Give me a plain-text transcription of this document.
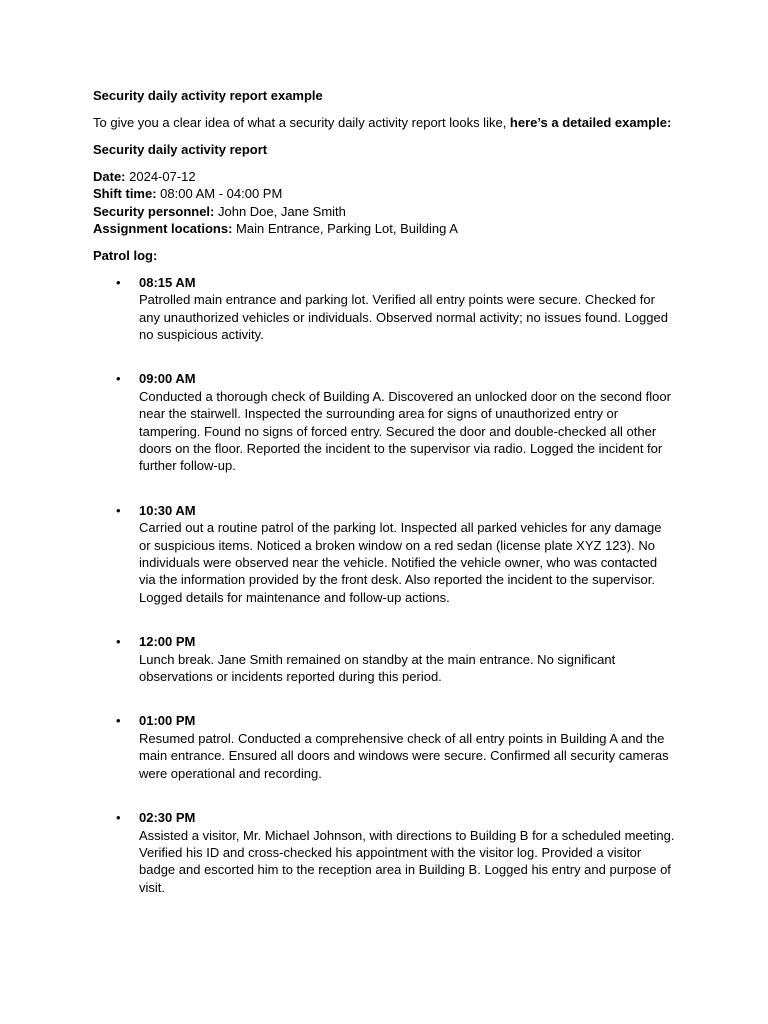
Security daily activity report example

To give you a clear idea of what a security daily activity report looks like, here’s a detailed example:

Security daily activity report

Date: 2024-07-12

Shift time: 08:00 AM - 04:00 PM

Security personnel: John Doe, Jane Smith

Assignment locations: Main Entrance, Parking Lot, Building A

Patrol log:

• 08:15 AM
Patrolled main entrance and parking lot. Verified all entry points were secure. Checked for
any unauthorized vehicles or individuals. Observed normal activity; no issues found. Logged
no suspicious activity.
• 09:00 AM
Conducted a thorough check of Building A. Discovered an unlocked door on the second floor
near the stairwell. Inspected the surrounding area for signs of unauthorized entry or
tampering. Found no signs of forced entry. Secured the door and double-checked all other
doors on the floor. Reported the incident to the supervisor via radio. Logged the incident for
further follow-up.
• 10:30 AM
Carried out a routine patrol of the parking lot. Inspected all parked vehicles for any damage
or suspicious items. Noticed a broken window on a red sedan (license plate XYZ 123). No
individuals were observed near the vehicle. Notified the vehicle owner, who was contacted
via the information provided by the front desk. Also reported the incident to the supervisor.
Logged details for maintenance and follow-up actions.
• 12:00 PM
Lunch break. Jane Smith remained on standby at the main entrance. No significant
observations or incidents reported during this period.
• 01:00 PM
Resumed patrol. Conducted a comprehensive check of all entry points in Building A and the
main entrance. Ensured all doors and windows were secure. Confirmed all security cameras
were operational and recording.
• 02:30 PM
Assisted a visitor, Mr. Michael Johnson, with directions to Building B for a scheduled meeting.
Verified his ID and cross-checked his appointment with the visitor log. Provided a visitor
badge and escorted him to the reception area in Building B. Logged his entry and purpose of
visit.
